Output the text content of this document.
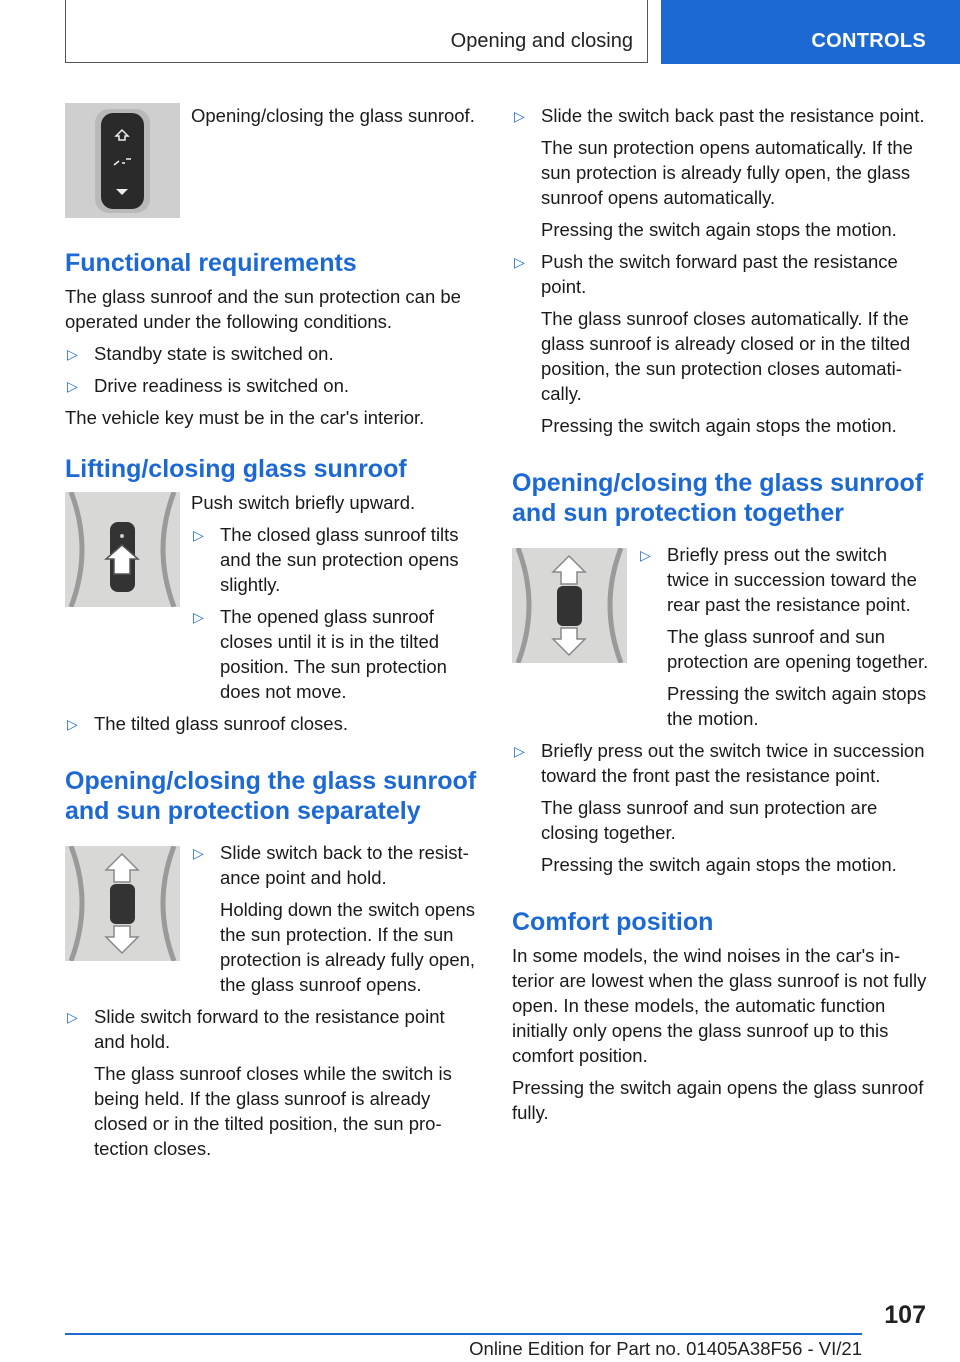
Opening and closing	CONTROLS

Opening/closing the glass sunroof.

Functional requirements

The glass sunroof and the sun protection can be operated under the following conditions.

▷ Standby state is switched on.

▷ Drive readiness is switched on.

The vehicle key must be in the car's interior.

Lifting/closing glass sunroof

Push switch briefly upward.

▷ The closed glass sunroof tilts and the sun protection opens slightly.

▷ The opened glass sunroof closes until it is in the tilted position. The sun protection does not move.

▷ The tilted glass sunroof closes.

Opening/closing the glass sunroof and sun protection separately
▷ Slide switch back to the resistance point and hold.

Holding down the switch opens the sun protection. If the sun protection is already fully open, the glass sunroof opens.

▷ Slide switch forward to the resistance point and hold.

The glass sunroof closes while the switch is being held. If the glass sunroof is already closed or in the tilted position, the sun protection closes.

▷ Slide the switch back past the resistance point.

The sun protection opens automatically. If the sun protection is already fully open, the glass sunroof opens automatically.

Pressing the switch again stops the motion.

▷ Push the switch forward past the resistance point.

The glass sunroof closes automatically. If the glass sunroof is already closed or in the tilted position, the sun protection closes automatically.

Pressing the switch again stops the motion.

Opening/closing the glass sunroof and sun protection together
▷ Briefly press out the switch twice in succession toward the rear past the resistance point.

The glass sunroof and sun protection are opening together.

Pressing the switch again stops the motion.

▷ Briefly press out the switch twice in succession toward the front past the resistance point.

The glass sunroof and sun protection are closing together.

Pressing the switch again stops the motion.

Comfort position

In some models, the wind noises in the car's interior are lowest when the glass sunroof is not fully open. In these models, the automatic function initially only opens the glass sunroof up to this comfort position.

Pressing the switch again opens the glass sunroof fully.

107
Online Edition for Part no. 01405A38F56 - VI/21
